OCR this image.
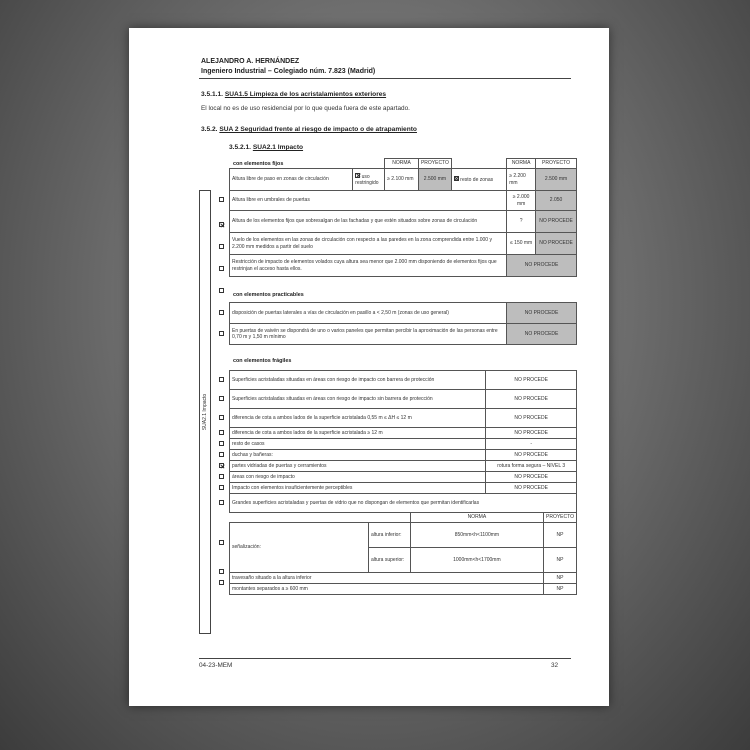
ALEJANDRO A. HERNÁNDEZ
Ingeniero Industrial – Colegiado núm. 7.823 (Madrid)
3.5.1.1. SUA1.5 Limpieza de los acristalamientos exteriores
El local no es de uso residencial por lo que queda fuera de este apartado.
3.5.2. SUA 2 Seguridad frente al riesgo de impacto o de atrapamiento
3.5.2.1. SUA2.1 Impacto
SUA2.1 Impacto
con elementos fijos
		NORMA	PROYECTO		NORMA	PROYECTO
Altura libre de paso en zonas de circulación	uso restringido	≥ 2.100 mm	2.500 mm	resto de zonas	≥ 2.200 mm	2.500 mm
Altura libre en umbrales de puertas					≥ 2.000 mm	2.050
Altura de los elementos fijos que sobresalgan de las fachadas y que estén situados sobre zonas de circulación					?	NO PROCEDE
Vuelo de los elementos en las zonas de circulación con respecto a las paredes en la zona comprendida entre 1.000 y 2.200 mm medidos a partir del suelo					≤ 150 mm	NO PROCEDE
Restricción de impacto de elementos volados cuya altura sea menor que 2.000 mm disponiendo de elementos fijos que restrinjan el acceso hasta ellos.					NO PROCEDE	
con elementos practicables
disposición de puertas laterales a vías de circulación en pasillo a < 2,50 m (zonas de uso general)	NO PROCEDE
En puertas de vaivén se dispondrá de uno o varios paneles que permitan percibir la aproximación de las personas entre 0,70 m y 1,50 m mínimo	NO PROCEDE
con elementos frágiles
Superficies acristaladas situadas en áreas con riesgo de impacto con barrera de protección			NO PROCEDE	
Superficies acristaladas situadas en áreas con riesgo de impacto sin barrera de protección			NO PROCEDE	
diferencia de cota a ambos lados de la superficie acristalada 0,55 m ≤ ΔH ≤ 12 m			NO PROCEDE	
diferencia de cota a ambos lados de la superficie acristalada ≥ 12 m			NO PROCEDE	
resto de casos			-	
duchas y bañeras:			NO PROCEDE	
partes vidriadas de puertas y cerramientos			rotura forma segura – NIVEL 3	
áreas con riesgo de impacto			NO PROCEDE	
Impacto con elementos insuficientemente perceptibles			NO PROCEDE	
Grandes superficies acristaladas y puertas de vidrio que no dispongan de elementos que permitan identificarlas				
		NORMA		PROYECTO
señalización:	altura inferior:	850mm<h<1100mm		NP
	altura superior:	1000mm<h<1700mm		NP
travesaño situado a la altura inferior				NP
montantes separados a ≥ 600 mm				NP
04-23-MEM	32
